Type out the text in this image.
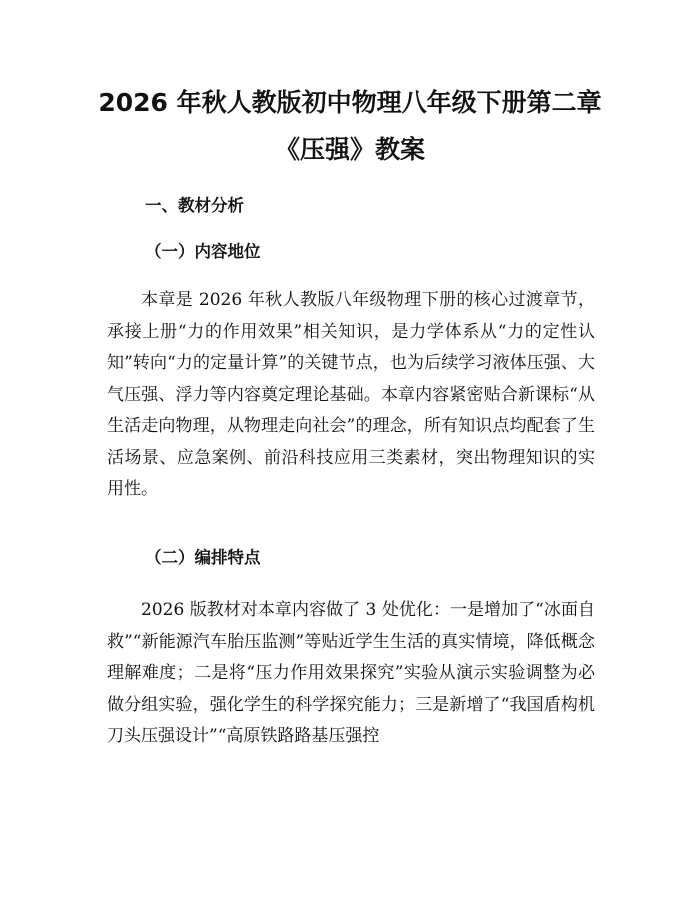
2026 年秋人教版初中物理八年级下册第二章
《压强》教案
一、教材分析
（一）内容地位

本章是 2026 年秋人教版八年级物理下册的核心过渡章节，承接上册“力的作用效果”相关知识，是力学体系从“力的定性认知”转向“力的定量计算”的关键节点，也为后续学习液体压强、大气压强、浮力等内容奠定理论基础。本章内容紧密贴合新课标“从生活走向物理，从物理走向社会”的理念，所有知识点均配套了生活场景、应急案例、前沿科技应用三类素材，突出物理知识的实用性。

（二）编排特点

2026 版教材对本章内容做了 3 处优化：一是增加了“冰面自救”“新能源汽车胎压监测”等贴近学生生活的真实情境，降低概念理解难度；二是将“压力作用效果探究”实验从演示实验调整为必做分组实验，强化学生的科学探究能力；三是新增了“我国盾构机刀头压强设计”“高原铁路路基压强控
